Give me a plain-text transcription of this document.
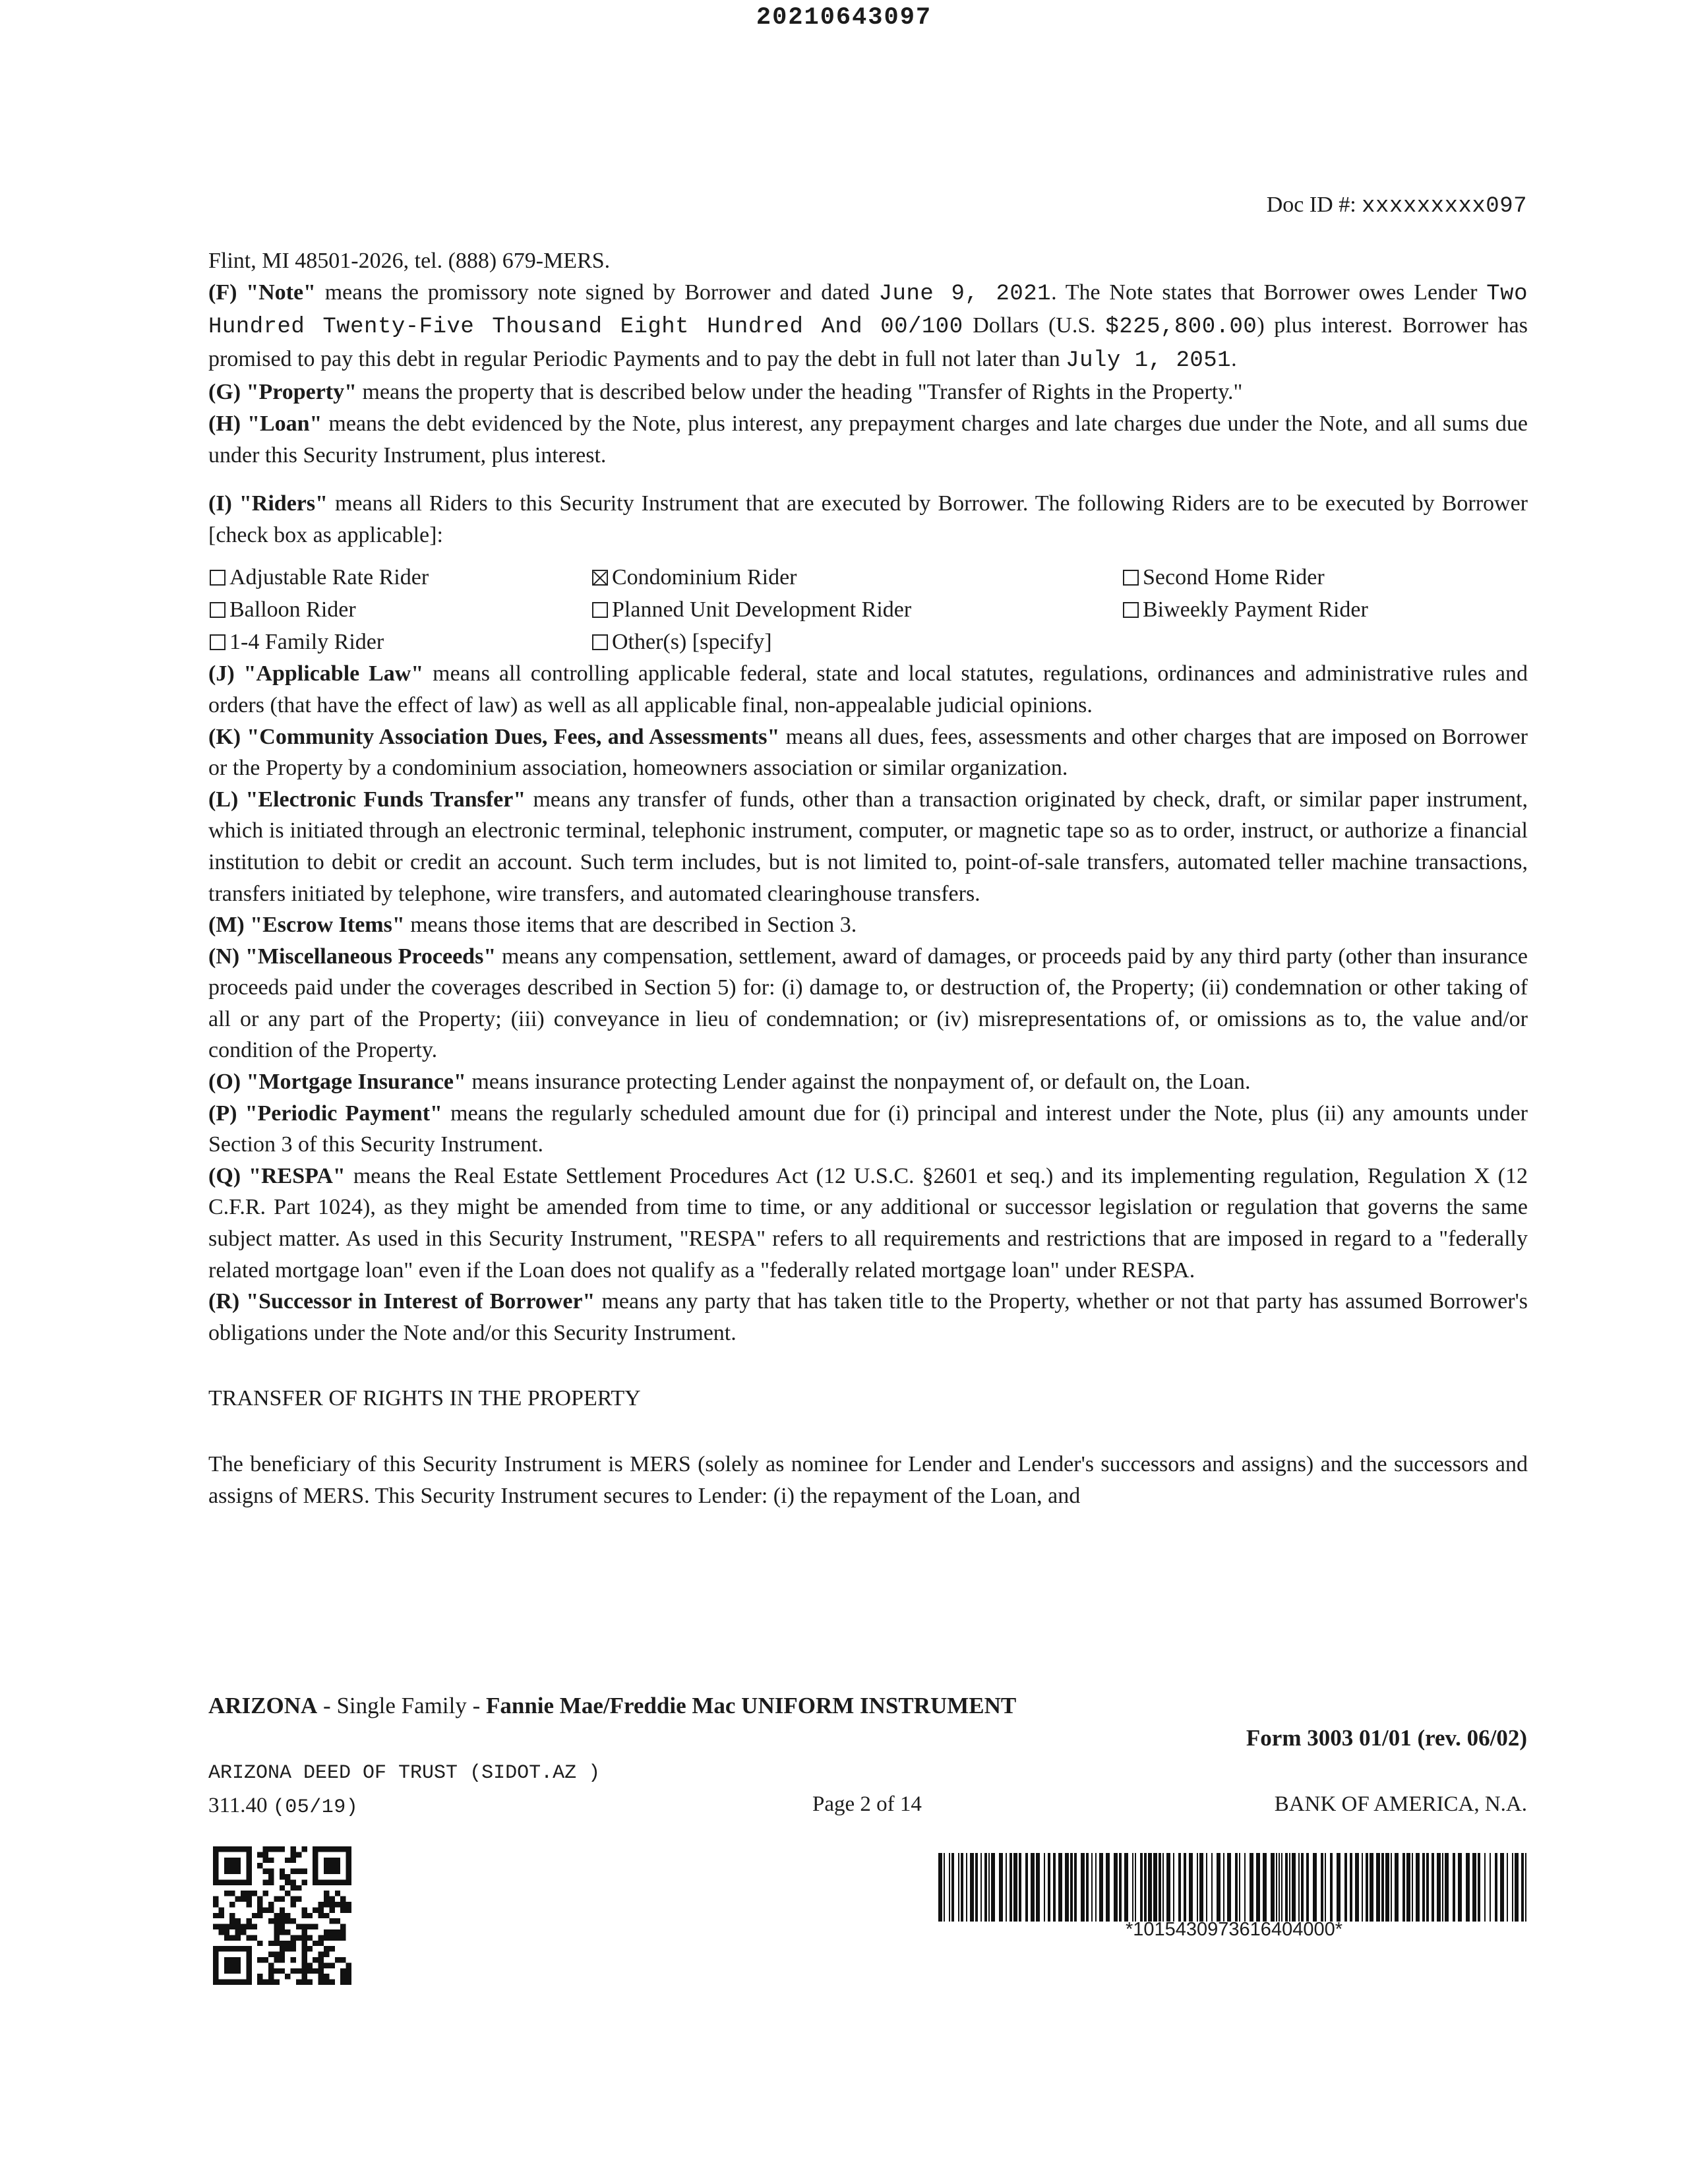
20210643097
Doc ID #: xxxxxxxxx097

Flint, MI 48501-2026, tel. (888) 679-MERS.

(F) "Note" means the promissory note signed by Borrower and dated June 9, 2021. The Note states that Borrower owes Lender Two Hundred Twenty-Five Thousand Eight Hundred And 00/100 Dollars (U.S. $225,800.00) plus interest. Borrower has promised to pay this debt in regular Periodic Payments and to pay the debt in full not later than July 1, 2051.

(G) "Property" means the property that is described below under the heading "Transfer of Rights in the Property."

(H) "Loan" means the debt evidenced by the Note, plus interest, any prepayment charges and late charges due under the Note, and all sums due under this Security Instrument, plus interest.

(I) "Riders" means all Riders to this Security Instrument that are executed by Borrower. The following Riders are to be executed by Borrower [check box as applicable]:

Adjustable Rate Rider	Condominium Rider	Second Home Rider
Balloon Rider	Planned Unit Development Rider	Biweekly Payment Rider
1-4 Family Rider	Other(s) [specify]

(J) "Applicable Law" means all controlling applicable federal, state and local statutes, regulations, ordinances and administrative rules and orders (that have the effect of law) as well as all applicable final, non-appealable judicial opinions.

(K) "Community Association Dues, Fees, and Assessments" means all dues, fees, assessments and other charges that are imposed on Borrower or the Property by a condominium association, homeowners association or similar organization.

(L) "Electronic Funds Transfer" means any transfer of funds, other than a transaction originated by check, draft, or similar paper instrument, which is initiated through an electronic terminal, telephonic instrument, computer, or magnetic tape so as to order, instruct, or authorize a financial institution to debit or credit an account. Such term includes, but is not limited to, point-of-sale transfers, automated teller machine transactions, transfers initiated by telephone, wire transfers, and automated clearinghouse transfers.

(M) "Escrow Items" means those items that are described in Section 3.

(N) "Miscellaneous Proceeds" means any compensation, settlement, award of damages, or proceeds paid by any third party (other than insurance proceeds paid under the coverages described in Section 5) for: (i) damage to, or destruction of, the Property; (ii) condemnation or other taking of all or any part of the Property; (iii) conveyance in lieu of condemnation; or (iv) misrepresentations of, or omissions as to, the value and/or condition of the Property.

(O) "Mortgage Insurance" means insurance protecting Lender against the nonpayment of, or default on, the Loan.

(P) "Periodic Payment" means the regularly scheduled amount due for (i) principal and interest under the Note, plus (ii) any amounts under Section 3 of this Security Instrument.

(Q) "RESPA" means the Real Estate Settlement Procedures Act (12 U.S.C. §2601 et seq.) and its implementing regulation, Regulation X (12 C.F.R. Part 1024), as they might be amended from time to time, or any additional or successor legislation or regulation that governs the same subject matter. As used in this Security Instrument, "RESPA" refers to all requirements and restrictions that are imposed in regard to a "federally related mortgage loan" even if the Loan does not qualify as a "federally related mortgage loan" under RESPA.

(R) "Successor in Interest of Borrower" means any party that has taken title to the Property, whether or not that party has assumed Borrower's obligations under the Note and/or this Security Instrument.

TRANSFER OF RIGHTS IN THE PROPERTY

The beneficiary of this Security Instrument is MERS (solely as nominee for Lender and Lender's successors and assigns) and the successors and assigns of MERS. This Security Instrument secures to Lender: (i) the repayment of the Loan, and

ARIZONA - Single Family - Fannie Mae/Freddie Mac UNIFORM INSTRUMENT
Form 3003 01/01 (rev. 06/02)
ARIZONA DEED OF TRUST (SIDOT.AZ )
311.40 (05/19)	Page 2 of 14	BANK OF AMERICA, N.A.
*1015430973616404000*
